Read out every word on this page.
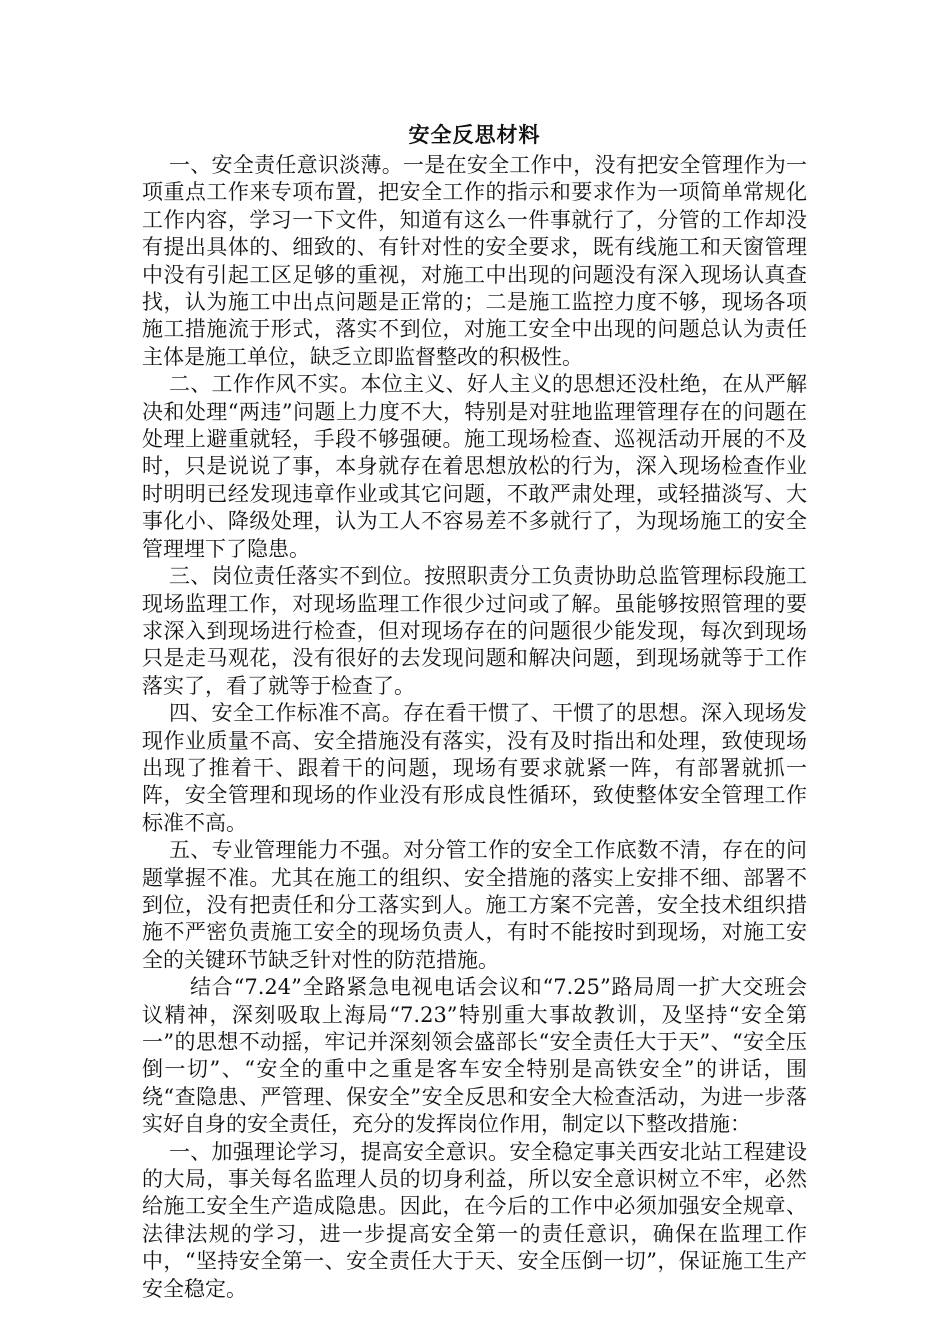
安全反思材料

一、安全责任意识淡薄。一是在安全工作中，没有把安全管理作为一项重点工作来专项布置，把安全工作的指示和要求作为一项简单常规化工作内容，学习一下文件，知道有这么一件事就行了，分管的工作却没有提出具体的、细致的、有针对性的安全要求，既有线施工和天窗管理中没有引起工区足够的重视，对施工中出现的问题没有深入现场认真查找，认为施工中出点问题是正常的；二是施工监控力度不够，现场各项施工措施流于形式，落实不到位，对施工安全中出现的问题总认为责任主体是施工单位，缺乏立即监督整改的积极性。

二、工作作风不实。本位主义、好人主义的思想还没杜绝，在从严解决和处理“两违”问题上力度不大，特别是对驻地监理管理存在的问题在处理上避重就轻，手段不够强硬。施工现场检查、巡视活动开展的不及时，只是说说了事，本身就存在着思想放松的行为，深入现场检查作业时明明已经发现违章作业或其它问题，不敢严肃处理，或轻描淡写、大事化小、降级处理，认为工人不容易差不多就行了，为现场施工的安全管理埋下了隐患。

三、岗位责任落实不到位。按照职责分工负责协助总监管理标段施工现场监理工作，对现场监理工作很少过问或了解。虽能够按照管理的要求深入到现场进行检查，但对现场存在的问题很少能发现，每次到现场只是走马观花，没有很好的去发现问题和解决问题，到现场就等于工作落实了，看了就等于检查了。

四、安全工作标准不高。存在看干惯了、干惯了的思想。深入现场发现作业质量不高、安全措施没有落实，没有及时指出和处理，致使现场出现了推着干、跟着干的问题，现场有要求就紧一阵，有部署就抓一阵，安全管理和现场的作业没有形成良性循环，致使整体安全管理工作标准不高。

五、专业管理能力不强。对分管工作的安全工作底数不清，存在的问题掌握不准。尤其在施工的组织、安全措施的落实上安排不细、部署不到位，没有把责任和分工落实到人。施工方案不完善，安全技术组织措施不严密负责施工安全的现场负责人，有时不能按时到现场，对施工安全的关键环节缺乏针对性的防范措施。

结合“7.24”全路紧急电视电话会议和“7.25”路局周一扩大交班会议精神，深刻吸取上海局“7.23”特别重大事故教训，及坚持“安全第一”的思想不动摇，牢记并深刻领会盛部长“安全责任大于天”、“安全压倒一切”、“安全的重中之重是客车安全特别是高铁安全”的讲话，围绕“查隐患、严管理、保安全”安全反思和安全大检查活动，为进一步落实好自身的安全责任，充分的发挥岗位作用，制定以下整改措施：

一、加强理论学习，提高安全意识。安全稳定事关西安北站工程建设的大局，事关每名监理人员的切身利益，所以安全意识树立不牢，必然给施工安全生产造成隐患。因此，在今后的工作中必须加强安全规章、法律法规的学习，进一步提高安全第一的责任意识，确保在监理工作中，“坚持安全第一、安全责任大于天、安全压倒一切”，保证施工生产安全稳定。
